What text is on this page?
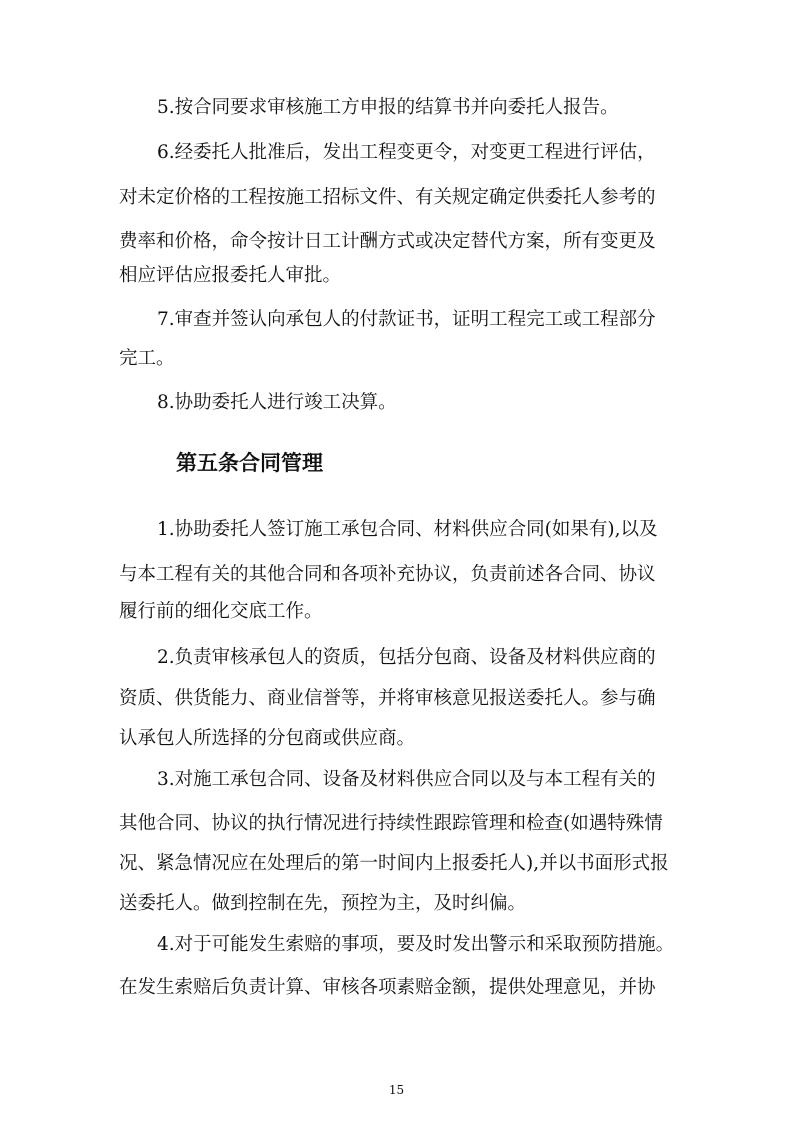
5.按合同要求审核施工方申报的结算书并向委托人报告。
6.经委托人批准后，发出工程变更令，对变更工程进行评估，
对未定价格的工程按施工招标文件、有关规定确定供委托人参考的
费率和价格，命令按计日工计酬方式或决定替代方案，所有变更及
相应评估应报委托人审批。
7.审查并签认向承包人的付款证书，证明工程完工或工程部分
完工。
8.协助委托人进行竣工决算。
第五条合同管理
1.协助委托人签订施工承包合同、材料供应合同(如果有),以及
与本工程有关的其他合同和各项补充协议，负责前述各合同、协议
履行前的细化交底工作。
2.负责审核承包人的资质，包括分包商、设备及材料供应商的
资质、供货能力、商业信誉等，并将审核意见报送委托人。参与确
认承包人所选择的分包商或供应商。
3.对施工承包合同、设备及材料供应合同以及与本工程有关的
其他合同、协议的执行情况进行持续性跟踪管理和检查(如遇特殊情
况、紧急情况应在处理后的第一时间内上报委托人),并以书面形式报
送委托人。做到控制在先，预控为主，及时纠偏。
4.对于可能发生索赔的事项，要及时发出警示和采取预防措施。
在发生索赔后负责计算、审核各项素赔金额，提供处理意见，并协
15
